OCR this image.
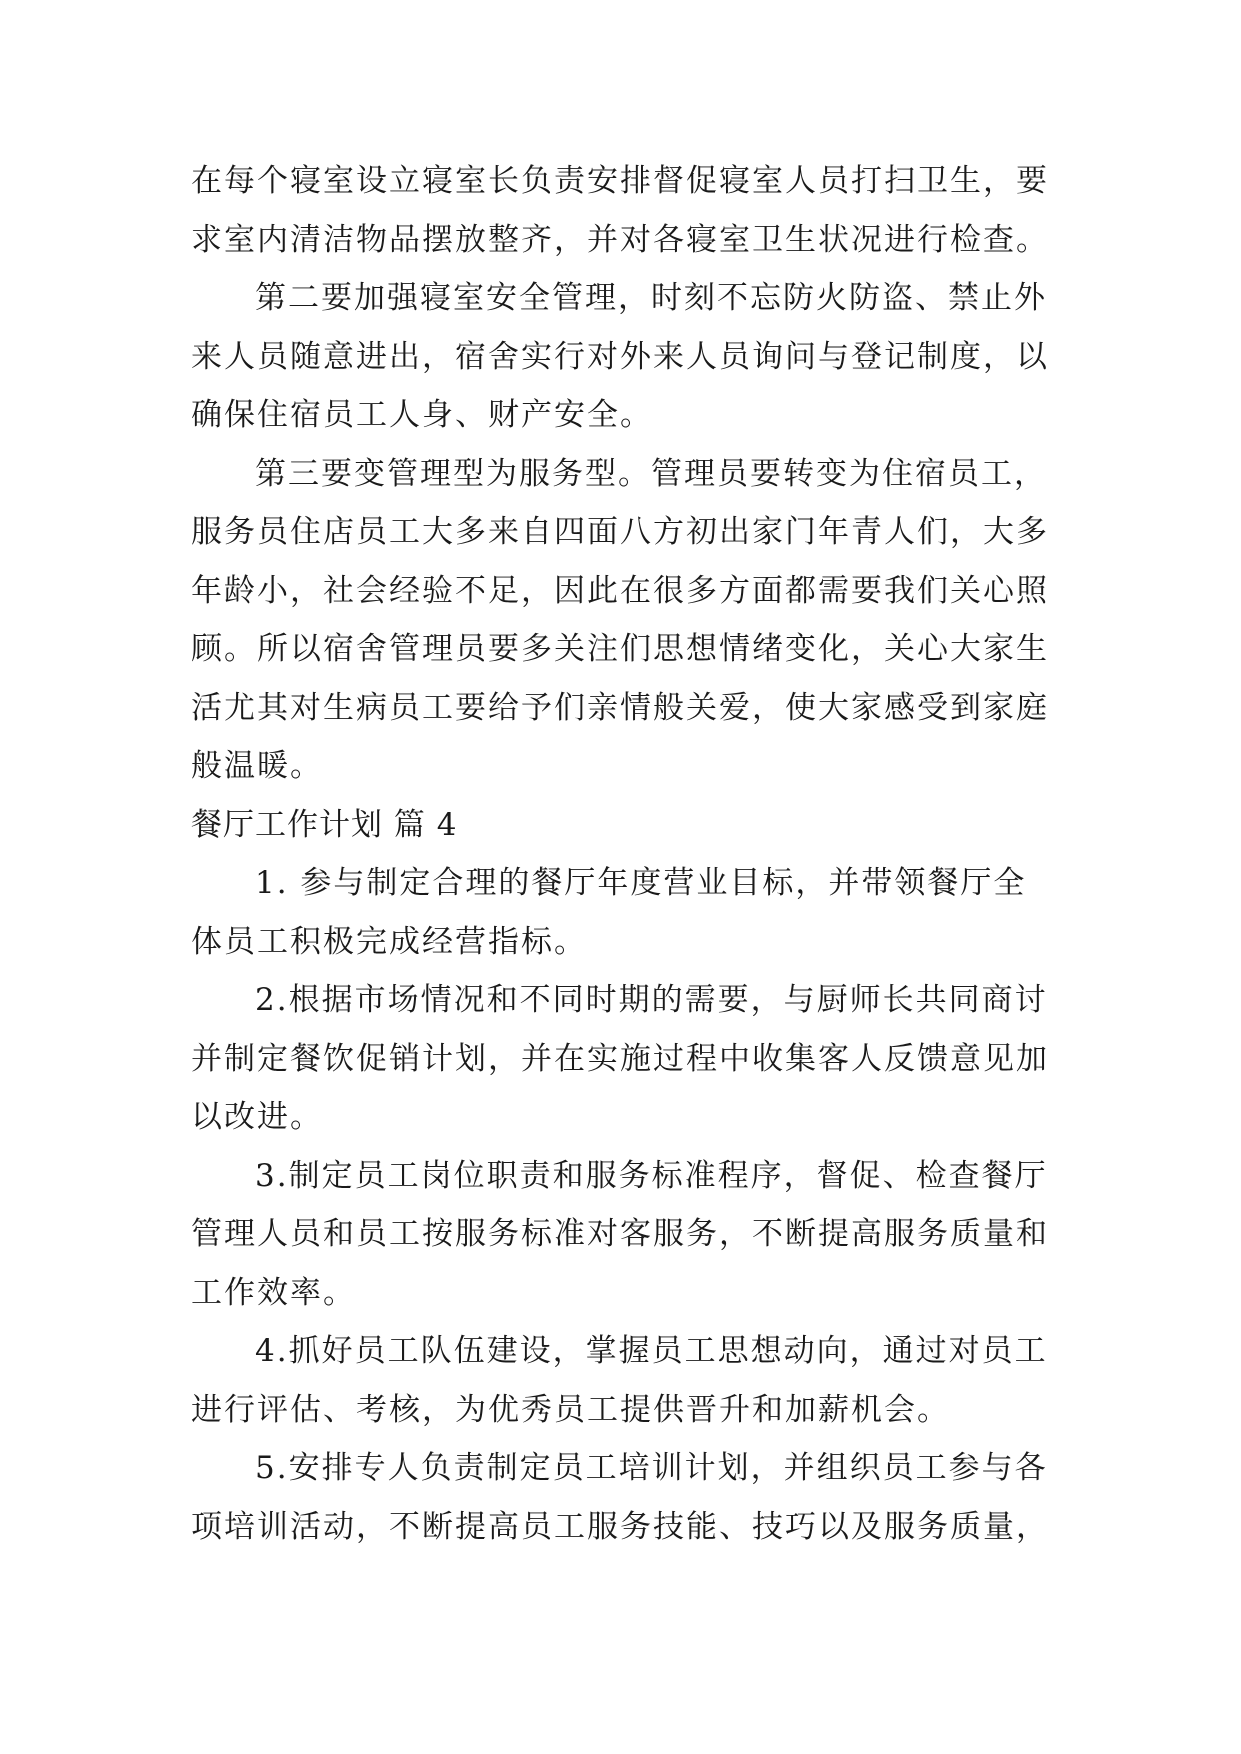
在每个寝室设立寝室长负责安排督促寝室人员打扫卫生，要
求室内清洁物品摆放整齐，并对各寝室卫生状况进行检查。
第二要加强寝室安全管理，时刻不忘防火防盗、禁止外
来人员随意进出，宿舍实行对外来人员询问与登记制度，以
确保住宿员工人身、财产安全。
第三要变管理型为服务型。管理员要转变为住宿员工，
服务员住店员工大多来自四面八方初出家门年青人们，大多
年龄小，社会经验不足，因此在很多方面都需要我们关心照
顾。所以宿舍管理员要多关注们思想情绪变化，关心大家生
活尤其对生病员工要给予们亲情般关爱，使大家感受到家庭
般温暖。
餐厅工作计划 篇 4
1. 参与制定合理的餐厅年度营业目标，并带领餐厅全
体员工积极完成经营指标。
2.根据市场情况和不同时期的需要，与厨师长共同商讨
并制定餐饮促销计划，并在实施过程中收集客人反馈意见加
以改进。
3.制定员工岗位职责和服务标准程序，督促、检查餐厅
管理人员和员工按服务标准对客服务，不断提高服务质量和
工作效率。
4.抓好员工队伍建设，掌握员工思想动向，通过对员工
进行评估、考核，为优秀员工提供晋升和加薪机会。
5.安排专人负责制定员工培训计划，并组织员工参与各
项培训活动，不断提高员工服务技能、技巧以及服务质量，
